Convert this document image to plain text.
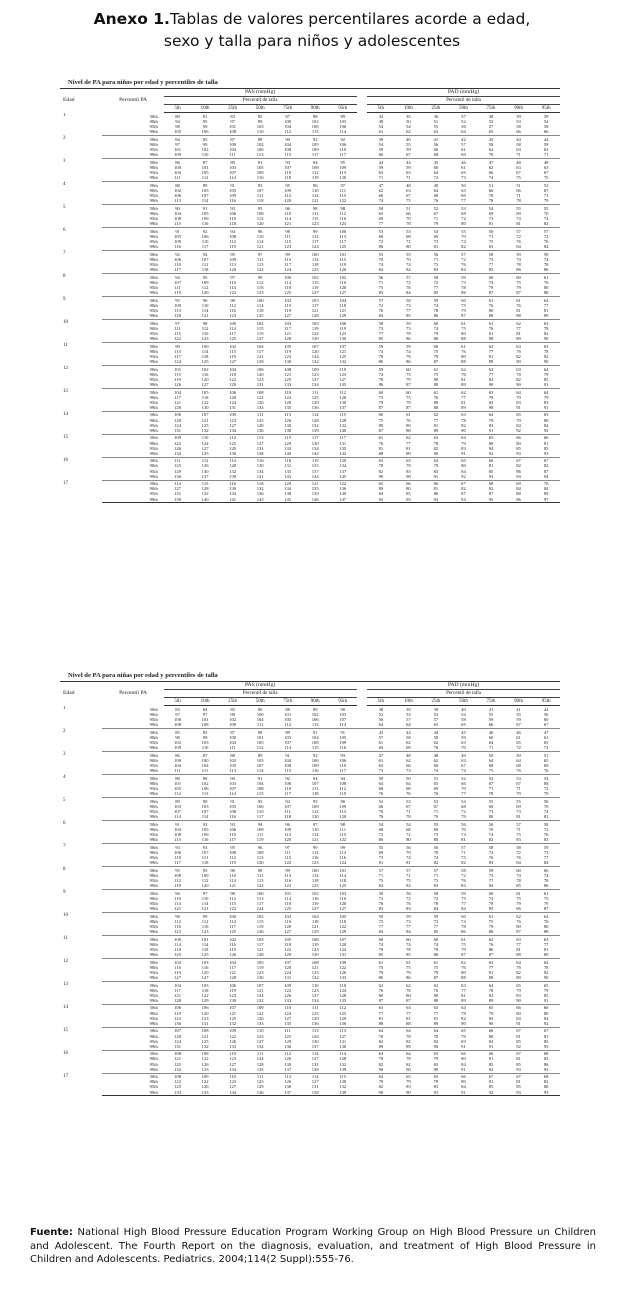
Anexo 1.Tablas de valores percentilares acorde a edad,
sexo y talla para niños y adolescentes
Nivel de PA para niños por edad y percentiles de talla
Edad	Percentil PA	PAS (mmHg)								PAD (mmHg)						
		Percentil de talla								Percentil de talla						
		5th	10th	25th	50th	75th	90th	95th		5th	10th	25th	50th	75th	90th	95th
1	50th	80	81	83	85	87	88	89		34	35	36	37	38	39	39
	90th	94	95	97	99	100	102	103		49	50	51	52	53	53	54
	95th	98	99	101	103	104	106	106		54	54	55	56	57	58	58
	99th	105	106	108	110	112	113	114		61	62	63	64	65	66	66
2	50th	84	85	87	88	90	92	92		39	40	41	42	43	44	44
	90th	97	99	100	102	104	105	106		54	55	56	57	58	58	59
	95th	101	102	104	106	108	109	110		59	59	60	61	62	63	63
	99th	109	110	111	113	115	117	117		66	67	68	69	70	71	71
3	50th	86	87	89	91	93	94	95		44	44	45	46	47	48	48
	90th	100	101	103	105	107	108	109		59	59	60	61	62	63	63
	95th	104	105	107	109	110	112	113		63	63	64	65	66	67	67
	99th	111	112	114	116	118	119	120		71	71	72	73	74	75	75
4	50th	88	89	91	93	95	96	97		47	48	49	50	51	51	52
	90th	102	103	105	107	109	110	111		62	63	64	65	66	66	67
	95th	106	107	109	111	112	114	115		66	67	68	69	70	71	71
	99th	113	114	116	118	120	121	122		74	75	76	77	78	78	79
5	50th	90	91	93	95	96	98	98		50	51	52	53	54	55	55
	90th	104	105	106	108	110	111	112		65	66	67	68	69	69	70
	95th	108	109	110	112	114	115	116		69	70	71	72	73	74	74
	99th	115	116	118	120	121	123	123		77	78	79	80	81	81	82
6	50th	91	92	94	96	98	99	100		53	53	54	55	56	57	57
	90th	105	106	108	110	111	113	113		68	68	69	70	71	72	72
	95th	109	110	112	114	115	117	117		72	72	73	74	75	76	76
	99th	116	117	119	121	123	124	125		80	80	81	82	83	84	84
7	50th	92	94	95	97	99	100	101		55	55	56	57	58	59	59
	90th	106	107	109	111	113	114	115		70	70	71	72	73	74	74
	95th	110	111	113	115	117	118	119		74	74	75	76	77	78	78
	99th	117	118	120	122	124	125	126		82	82	83	84	85	86	86
8	50th	94	95	97	99	100	102	102		56	57	58	59	60	60	61
	90th	107	109	110	112	114	115	116		71	72	72	73	74	75	76
	95th	111	112	114	116	118	119	120		75	76	77	78	79	79	80
	99th	119	120	122	123	125	127	127		83	84	85	86	87	87	88
9	50th	95	96	98	100	102	103	104		57	58	59	60	61	61	62
	90th	109	110	112	114	115	117	118		72	73	74	75	76	76	77
	95th	113	114	116	118	119	121	121		76	77	78	79	80	81	81
	99th	120	121	123	125	127	128	129		84	85	86	87	88	88	89
10	50th	97	98	100	102	103	105	106		58	59	60	61	61	62	63
	90th	111	112	114	115	117	119	119		73	73	74	75	76	77	78
	95th	115	116	117	119	121	122	123		77	78	79	80	81	81	82
	99th	122	123	125	127	128	130	130		85	86	86	88	88	89	90
11	50th	99	100	102	104	105	107	107		59	59	60	61	62	63	63
	90th	113	114	115	117	119	120	121		74	74	75	76	77	78	78
	95th	117	118	119	121	123	124	125		78	78	79	80	81	82	82
	99th	124	125	127	129	130	132	132		86	86	87	88	89	90	90
12	50th	101	102	104	106	108	109	110		59	60	61	62	63	63	64
	90th	115	116	118	120	121	123	123		74	75	75	76	77	78	79
	95th	119	120	122	123	125	127	127		78	79	80	81	82	82	83
	99th	126	127	129	131	133	134	135		86	87	88	89	90	90	91
13	50th	104	105	106	108	110	111	112		60	60	61	62	63	64	64
	90th	117	118	120	122	124	125	126		75	75	76	77	78	79	79
	95th	121	122	124	126	128	129	130		79	79	80	81	82	83	83
	99th	128	130	131	133	135	136	137		87	87	88	89	90	91	91
14	50th	106	107	109	111	113	114	115		60	61	62	63	64	65	65
	90th	120	121	123	125	126	128	128		75	76	77	78	79	79	80
	95th	124	125	127	128	130	132	132		80	80	81	82	83	84	84
	99th	131	132	134	136	138	139	140		87	88	89	90	91	92	92
15	50th	109	110	112	113	115	117	117		61	62	63	64	65	66	66
	90th	122	124	125	127	129	130	131		76	77	78	79	80	80	81
	95th	126	127	129	131	133	134	135		81	81	82	83	84	85	85
	99th	134	135	136	138	140	142	142		88	89	90	91	92	93	93
16	50th	111	112	114	116	118	119	120		63	63	64	65	66	67	67
	90th	125	126	128	130	131	133	134		78	78	79	80	81	82	82
	95th	129	130	132	134	135	137	137		82	83	83	84	85	86	87
	99th	136	137	139	141	143	144	145		90	90	91	92	93	94	94
17	50th	114	115	116	118	120	121	122		65	66	66	67	68	69	70
	90th	127	128	130	132	134	135	136		80	80	81	82	83	84	84
	95th	131	132	134	136	138	139	140		84	85	86	87	87	88	89
	99th	139	140	141	143	145	146	147		92	93	93	94	95	96	97
Nivel de PA para niñas por edad y percentiles de talla
Edad	Percentil PA	PAS (mmHg)								PAD (mmHg)						
		Percentil de talla								Percentil de talla						
		5th	10th	25th	50th	75th	90th	95th		5th	10th	25th	50th	75th	90th	95th
1	50th	83	84	85	86	88	89	90		38	39	39	40	41	41	42
	90th	97	97	98	100	101	102	103		52	53	53	54	55	55	56
	95th	100	101	102	104	105	106	107		56	57	57	58	59	59	60
	99th	108	108	109	111	112	113	114		64	64	65	65	66	67	67
2	50th	85	85	87	88	89	91	91		43	44	44	45	46	46	47
	90th	98	99	100	101	103	104	105		57	58	58	59	60	61	61
	95th	102	103	104	105	107	108	109		61	62	62	63	64	65	65
	99th	109	110	111	112	114	115	116		69	69	70	70	71	72	72
3	50th	86	87	88	89	91	92	93		47	48	48	49	50	50	51
	90th	100	100	102	103	104	106	106		61	62	62	63	64	64	65
	95th	104	104	105	107	108	109	110		65	66	66	67	68	68	69
	99th	111	111	113	114	115	116	117		73	73	74	74	75	76	76
4	50th	88	88	90	91	92	94	94		50	50	51	52	52	53	54
	90th	101	102	103	104	106	107	108		64	64	65	66	67	67	68
	95th	105	106	107	108	110	111	112		68	68	69	70	71	71	72
	99th	112	113	114	115	117	118	119		76	76	76	77	78	79	79
5	50th	89	90	91	93	94	95	96		52	53	53	54	55	55	56
	90th	103	103	105	106	107	109	109		66	67	67	68	69	69	70
	95th	107	107	108	110	111	112	113		70	71	71	72	73	73	74
	99th	114	114	116	117	118	120	120		78	78	79	79	80	81	81
6	50th	91	92	93	94	96	97	98		54	54	55	56	56	57	58
	90th	104	105	106	108	109	110	111		68	68	69	70	70	71	72
	95th	108	109	110	111	113	114	115		72	72	73	74	74	75	76
	99th	115	116	117	119	120	121	122		80	80	80	81	82	83	83
7	50th	93	93	95	96	97	99	99		55	56	56	57	58	58	59
	90th	106	107	108	109	111	112	113		69	70	70	71	72	72	73
	95th	110	111	112	113	115	116	116		73	74	74	75	76	76	77
	99th	117	118	119	120	122	123	124		81	81	82	82	83	84	84
8	50th	95	95	96	98	99	100	101		57	57	57	58	59	60	60
	90th	108	109	110	111	113	114	114		71	71	71	72	73	74	74
	95th	112	112	114	115	116	118	118		75	75	75	76	77	78	78
	99th	119	120	121	122	123	125	125		82	82	83	83	84	85	86
9	50th	96	97	98	100	101	102	103		58	58	58	59	60	61	61
	90th	110	110	112	113	114	116	116		72	72	72	73	74	75	75
	95th	114	114	115	117	118	119	120		76	76	76	77	78	79	79
	99th	121	121	123	124	125	127	127		83	83	84	84	85	86	87
10	50th	98	99	100	102	103	104	105		59	59	59	60	61	62	62
	90th	112	112	114	115	116	118	118		73	73	73	74	75	76	76
	95th	116	116	117	119	120	121	122		77	77	77	78	79	80	80
	99th	123	123	125	126	127	129	129		84	84	85	86	86	87	88
11	50th	100	101	102	103	105	106	107		60	60	60	61	62	63	63
	90th	114	114	116	117	118	119	120		74	74	74	75	76	77	77
	95th	118	118	119	121	122	123	124		78	78	78	79	80	81	81
	99th	125	125	126	128	129	130	131		85	85	86	87	87	88	89
12	50th	102	103	104	105	107	108	109		61	61	61	62	63	64	64
	90th	116	116	117	119	120	121	122		75	75	75	76	77	78	78
	95th	119	120	121	123	124	125	126		79	79	79	80	81	82	82
	99th	127	127	128	130	131	132	133		86	86	87	88	88	89	90
13	50th	104	105	106	107	109	110	110		62	62	62	63	64	65	65
	90th	117	118	119	121	122	123	124		76	76	76	77	78	79	79
	95th	121	122	123	124	126	127	128		80	80	80	81	82	83	83
	99th	128	129	130	132	133	134	135		87	87	88	89	89	90	91
14	50th	106	106	107	109	110	111	112		63	63	63	64	65	66	66
	90th	119	120	121	122	124	125	125		77	77	77	78	79	80	80
	95th	123	123	125	126	127	129	129		81	81	81	82	83	84	84
	99th	130	131	132	133	135	136	136		88	88	89	90	90	91	92
15	50th	107	108	109	110	111	113	113		64	64	64	65	66	67	67
	90th	120	121	122	123	125	126	127		78	78	78	79	80	81	81
	95th	124	125	126	127	129	130	131		82	82	82	83	84	85	85
	99th	131	132	133	134	136	137	138		89	89	90	91	91	92	93
16	50th	108	108	110	111	112	114	114		64	64	65	66	66	67	68
	90th	121	122	123	124	126	127	128		78	78	79	80	81	81	82
	95th	125	126	127	128	130	131	132		82	82	83	84	85	85	86
	99th	132	133	134	135	137	138	139		90	90	90	91	92	93	93
17	50th	108	109	110	111	113	114	115		64	65	65	66	67	67	68
	90th	122	122	123	125	126	127	128		78	79	79	80	81	81	82
	95th	125	126	127	129	130	131	132		82	83	83	84	85	85	86
	99th	133	133	134	136	137	138	139		90	90	91	91	92	93	93
Fuente: National High Blood Pressure Education Program Working Group on High Blood Pressure un Children and Adolescent. The Fourth Report on the diagnosis, evaluation, and treatment of High Blood Pressure in Children and Adolescents. Pediatrics. 2004;114(2 Suppl):555-76.
